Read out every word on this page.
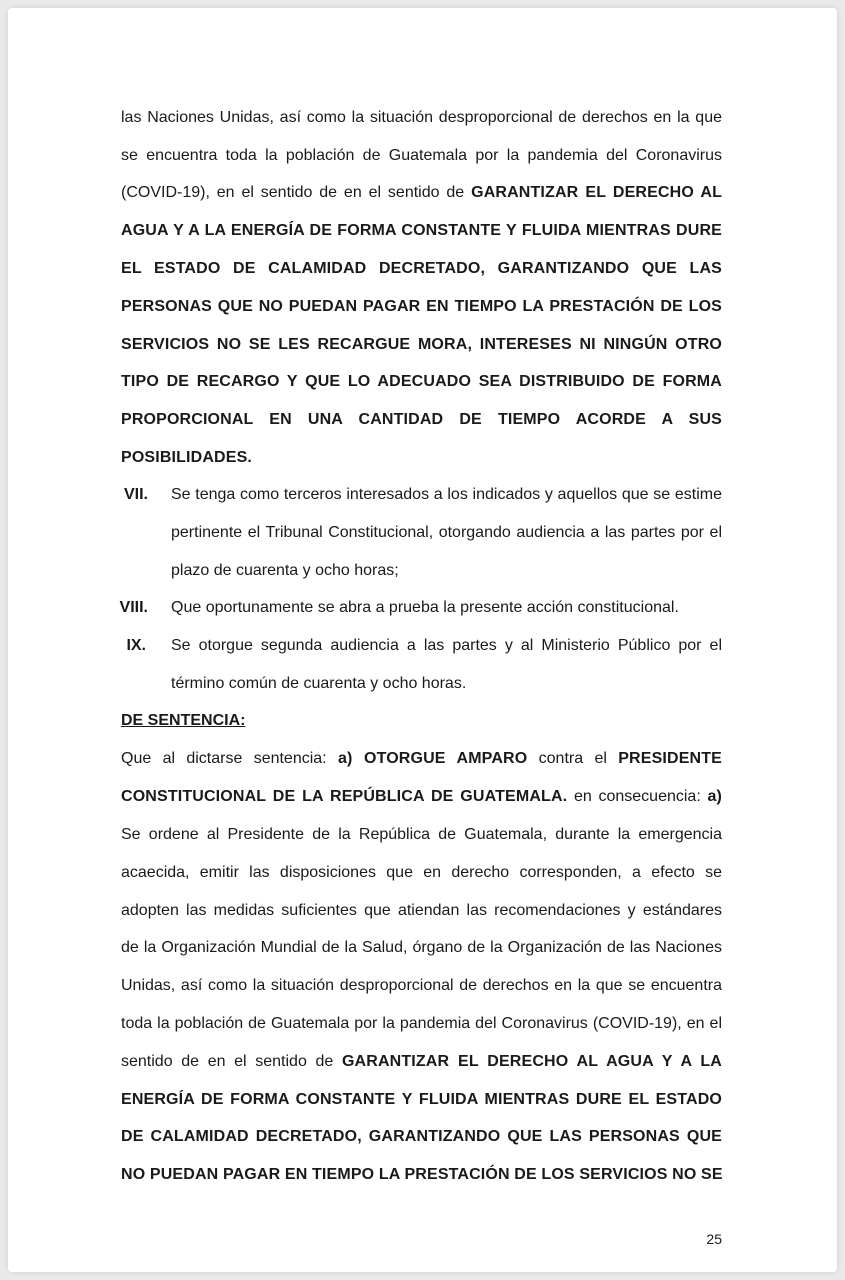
las Naciones Unidas, así como la situación desproporcional de derechos en la que
se encuentra toda la población de Guatemala por la pandemia del Coronavirus
(COVID-19), en el sentido de en el sentido de GARANTIZAR EL DERECHO AL
AGUA Y A LA ENERGÍA DE FORMA CONSTANTE Y FLUIDA MIENTRAS DURE
EL ESTADO DE CALAMIDAD DECRETADO, GARANTIZANDO QUE LAS
PERSONAS QUE NO PUEDAN PAGAR EN TIEMPO LA PRESTACIÓN DE LOS
SERVICIOS NO SE LES RECARGUE MORA, INTERESES NI NINGÚN OTRO
TIPO DE RECARGO Y QUE LO ADECUADO SEA DISTRIBUIDO DE FORMA
PROPORCIONAL EN UNA CANTIDAD DE TIEMPO ACORDE A SUS
POSIBILIDADES.
VII. Se tenga como terceros interesados a los indicados y aquellos que se estime
pertinente el Tribunal Constitucional, otorgando audiencia a las partes por el
plazo de cuarenta y ocho horas;
VIII. Que oportunamente se abra a prueba la presente acción constitucional.
IX. Se otorgue segunda audiencia a las partes y al Ministerio Público por el
término común de cuarenta y ocho horas.
DE SENTENCIA:
Que al dictarse sentencia: a) OTORGUE AMPARO contra el PRESIDENTE
CONSTITUCIONAL DE LA REPÚBLICA DE GUATEMALA. en consecuencia: a)
Se ordene al Presidente de la República de Guatemala, durante la emergencia
acaecida, emitir las disposiciones que en derecho corresponden, a efecto se
adopten las medidas suficientes que atiendan las recomendaciones y estándares
de la Organización Mundial de la Salud, órgano de la Organización de las Naciones
Unidas, así como la situación desproporcional de derechos en la que se encuentra
toda la población de Guatemala por la pandemia del Coronavirus (COVID-19), en el
sentido de en el sentido de GARANTIZAR EL DERECHO AL AGUA Y A LA
ENERGÍA DE FORMA CONSTANTE Y FLUIDA MIENTRAS DURE EL ESTADO
DE CALAMIDAD DECRETADO, GARANTIZANDO QUE LAS PERSONAS QUE
NO PUEDAN PAGAR EN TIEMPO LA PRESTACIÓN DE LOS SERVICIOS NO SE
25
